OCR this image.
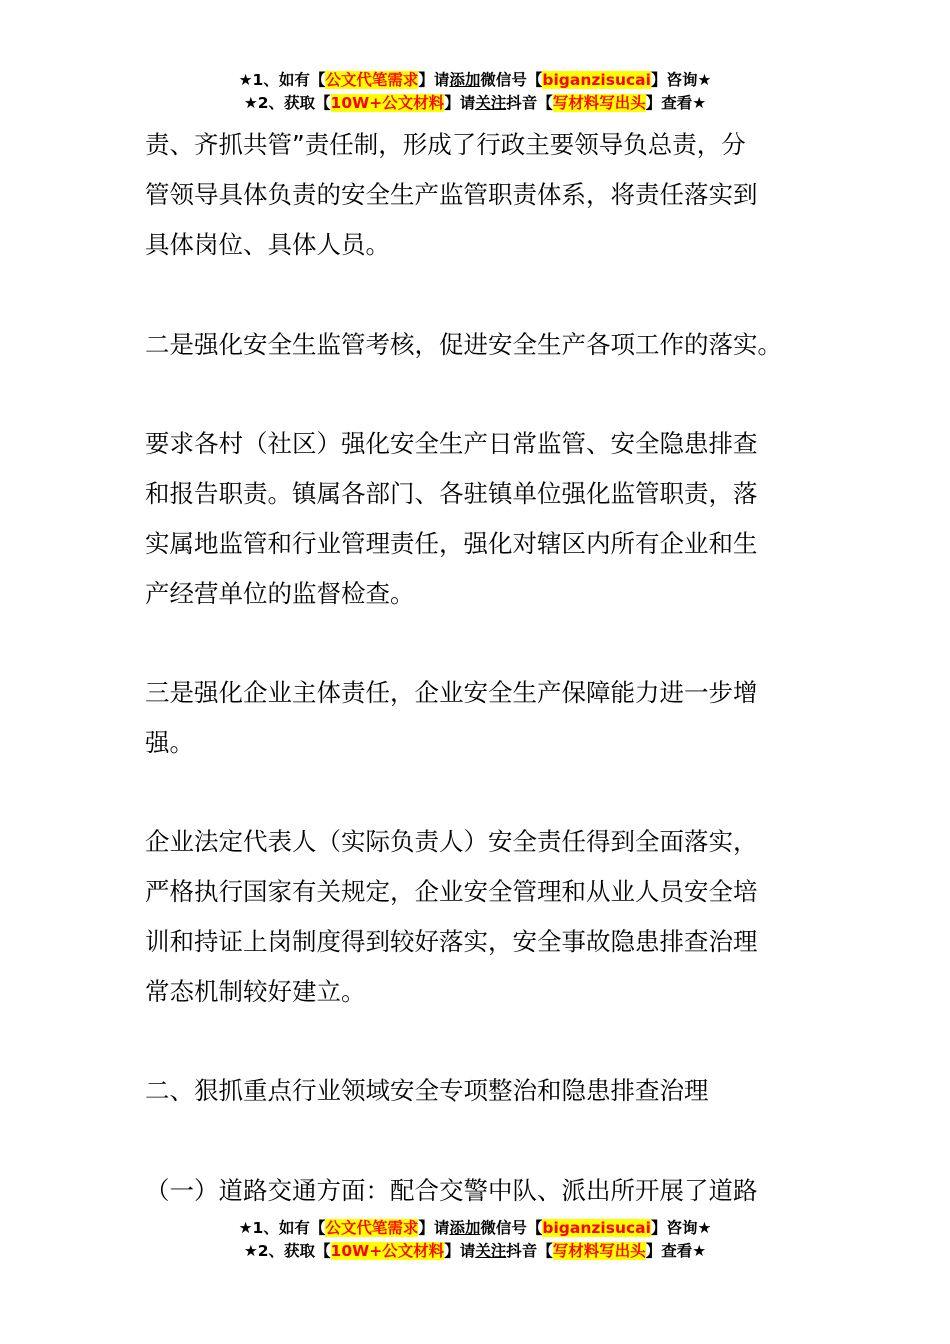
★1、如有【公文代笔需求】请添加微信号【biganzisucai】咨询★
★2、获取【10W+公文材料】请关注抖音【写材料写出头】查看★

责、齐抓共管”责任制，形成了行政主要领导负总责，分

管领导具体负责的安全生产监管职责体系，将责任落实到

具体岗位、具体人员。

二是强化安全生监管考核，促进安全生产各项工作的落实。

要求各村（社区）强化安全生产日常监管、安全隐患排查

和报告职责。镇属各部门、各驻镇单位强化监管职责，落

实属地监管和行业管理责任，强化对辖区内所有企业和生

产经营单位的监督检查。

三是强化企业主体责任，企业安全生产保障能力进一步增

强。

企业法定代表人（实际负责人）安全责任得到全面落实，

严格执行国家有关规定，企业安全管理和从业人员安全培

训和持证上岗制度得到较好落实，安全事故隐患排查治理

常态机制较好建立。

二、狠抓重点行业领域安全专项整治和隐患排查治理

（一）道路交通方面：配合交警中队、派出所开展了道路

★1、如有【公文代笔需求】请添加微信号【biganzisucai】咨询★
★2、获取【10W+公文材料】请关注抖音【写材料写出头】查看★
